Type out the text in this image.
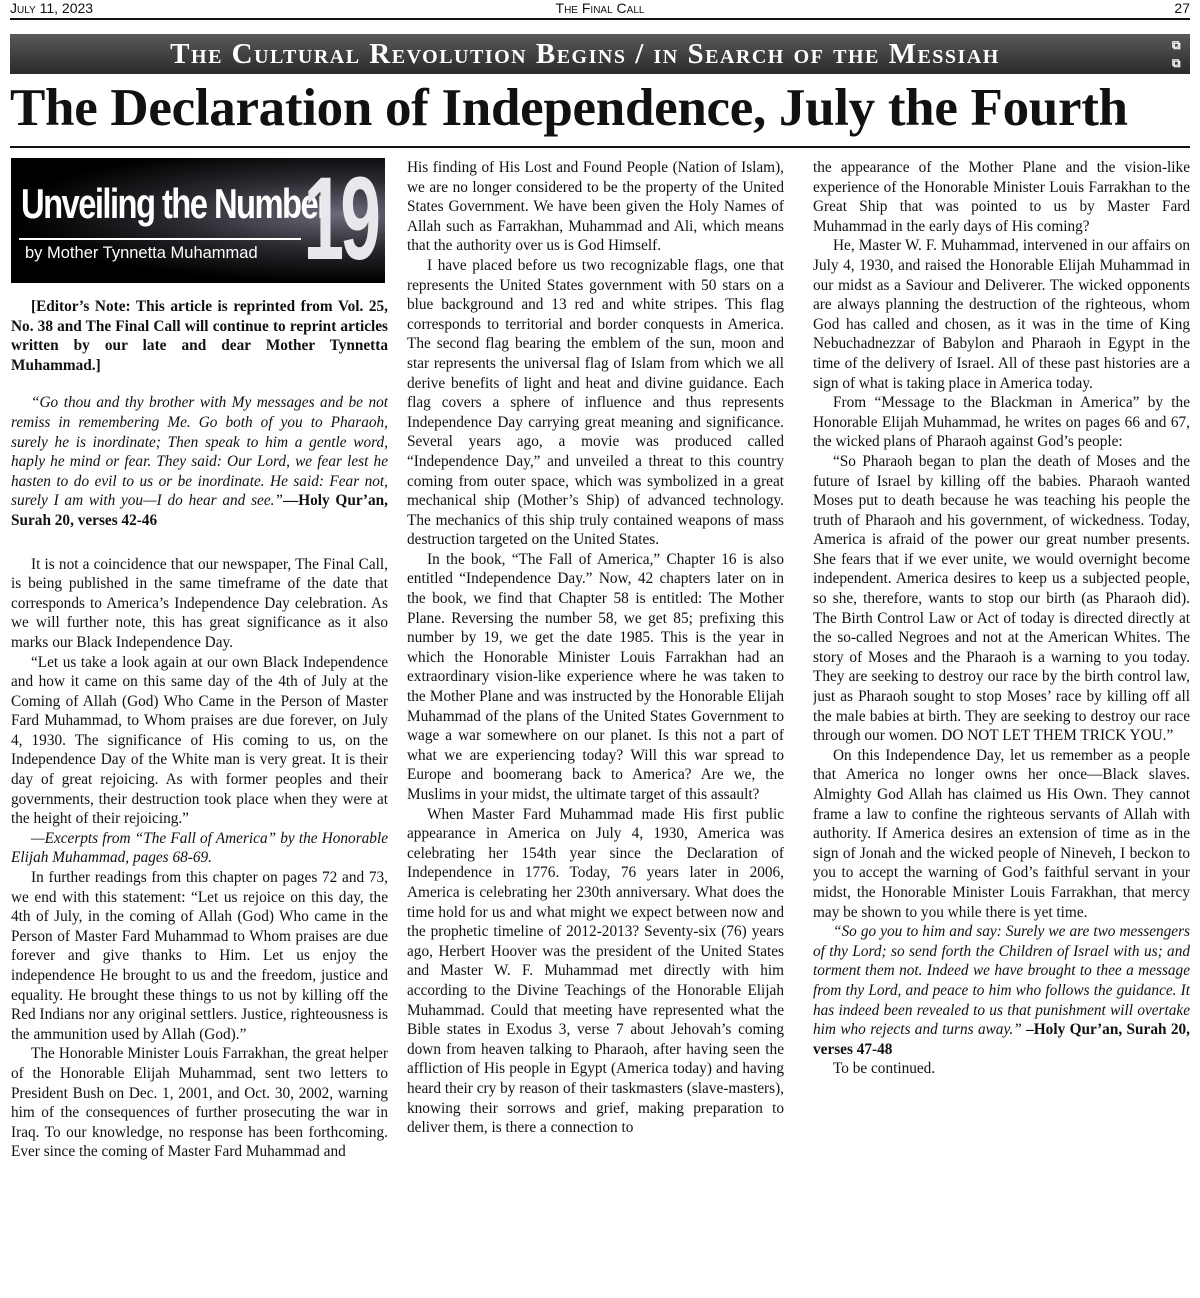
July 11, 2023	The Final Call	27
The Cultural Revolution Begins / in Search of the Messiah	⧉
⧉
The Declaration of Independence, July the Fourth
Unveiling the Number
by Mother Tynnetta Muhammad 19

[Editor’s Note: This article is reprinted from Vol. 25, No. 38 and The Final Call will continue to reprint articles written by our late and dear Mother Tynnetta Muhammad.]

“Go thou and thy brother with My messages and be not remiss in remembering Me. Go both of you to Pharaoh, surely he is inordinate; Then speak to him a gentle word, haply he mind or fear. They said: Our Lord, we fear lest he hasten to do evil to us or be inordinate. He said: Fear not, surely I am with you—I do hear and see.”—Holy Qur’an, Surah 20, verses 42-46

It is not a coincidence that our newspaper, The Final Call, is being published in the same timeframe of the date that corresponds to America’s Independence Day celebration. As we will further note, this has great significance as it also marks our Black Independence Day.

“Let us take a look again at our own Black Independence and how it came on this same day of the 4th of July at the Coming of Allah (God) Who Came in the Person of Master Fard Muhammad, to Whom praises are due forever, on July 4, 1930. The significance of His coming to us, on the Independence Day of the White man is very great. It is their day of great rejoicing. As with former peoples and their governments, their destruction took place when they were at the height of their rejoicing.”

—Excerpts from “The Fall of America” by the Honorable Elijah Muhammad, pages 68-69.

In further readings from this chapter on pages 72 and 73, we end with this statement: “Let us rejoice on this day, the 4th of July, in the coming of Allah (God) Who came in the Person of Master Fard Muhammad to Whom praises are due forever and give thanks to Him. Let us enjoy the independence He brought to us and the freedom, justice and equality. He brought these things to us not by killing off the Red Indians nor any original settlers. Justice, righteousness is the ammunition used by Allah (God).”

The Honorable Minister Louis Farrakhan, the great helper of the Honorable Elijah Muhammad, sent two letters to President Bush on Dec. 1, 2001, and Oct. 30, 2002, warning him of the consequences of further prosecuting the war in Iraq. To our knowledge, no response has been forthcoming. Ever since the coming of Master Fard Muhammad and

His finding of His Lost and Found People (Nation of Islam), we are no longer considered to be the property of the United States Government. We have been given the Holy Names of Allah such as Farrakhan, Muhammad and Ali, which means that the authority over us is God Himself.

I have placed before us two recognizable flags, one that represents the United States government with 50 stars on a blue background and 13 red and white stripes. This flag corresponds to territorial and border conquests in America. The second flag bearing the emblem of the sun, moon and star represents the universal flag of Islam from which we all derive benefits of light and heat and divine guidance. Each flag covers a sphere of influence and thus represents Independence Day carrying great meaning and significance. Several years ago, a movie was produced called “Independence Day,” and unveiled a threat to this country coming from outer space, which was symbolized in a great mechanical ship (Mother’s Ship) of advanced technology. The mechanics of this ship truly contained weapons of mass destruction targeted on the United States.

In the book, “The Fall of America,” Chapter 16 is also entitled “Independence Day.” Now, 42 chapters later on in the book, we find that Chapter 58 is entitled: The Mother Plane. Reversing the number 58, we get 85; prefixing this number by 19, we get the date 1985. This is the year in which the Honorable Minister Louis Farrakhan had an extraordinary vision-like experience where he was taken to the Mother Plane and was instructed by the Honorable Elijah Muhammad of the plans of the United States Government to wage a war somewhere on our planet. Is this not a part of what we are experiencing today? Will this war spread to Europe and boomerang back to America? Are we, the Muslims in your midst, the ultimate target of this assault?

When Master Fard Muhammad made His first public appearance in America on July 4, 1930, America was celebrating her 154th year since the Declaration of Independence in 1776. Today, 76 years later in 2006, America is celebrating her 230th anniversary. What does the time hold for us and what might we expect between now and the prophetic timeline of 2012-2013? Seventy-six (76) years ago, Herbert Hoover was the president of the United States and Master W. F. Muhammad met directly with him according to the Divine Teachings of the Honorable Elijah Muhammad. Could that meeting have represented what the Bible states in Exodus 3, verse 7 about Jehovah’s coming down from heaven talking to Pharaoh, after having seen the affliction of His people in Egypt (America today) and having heard their cry by reason of their taskmasters (slave-masters), knowing their sorrows and grief, making preparation to deliver them, is there a connection to

the appearance of the Mother Plane and the vision-like experience of the Honorable Minister Louis Farrakhan to the Great Ship that was pointed to us by Master Fard Muhammad in the early days of His coming?

He, Master W. F. Muhammad, intervened in our affairs on July 4, 1930, and raised the Honorable Elijah Muhammad in our midst as a Saviour and Deliverer. The wicked opponents are always planning the destruction of the righteous, whom God has called and chosen, as it was in the time of King Nebuchadnezzar of Babylon and Pharaoh in Egypt in the time of the delivery of Israel. All of these past histories are a sign of what is taking place in America today.

From “Message to the Blackman in America” by the Honorable Elijah Muhammad, he writes on pages 66 and 67, the wicked plans of Pharaoh against God’s people:

“So Pharaoh began to plan the death of Moses and the future of Israel by killing off the babies. Pharaoh wanted Moses put to death because he was teaching his people the truth of Pharaoh and his government, of wickedness. Today, America is afraid of the power our great number presents. She fears that if we ever unite, we would overnight become independent. America desires to keep us a subjected people, so she, therefore, wants to stop our birth (as Pharaoh did). The Birth Control Law or Act of today is directed directly at the so-called Negroes and not at the American Whites. The story of Moses and the Pharaoh is a warning to you today. They are seeking to destroy our race by the birth control law, just as Pharaoh sought to stop Moses’ race by killing off all the male babies at birth. They are seeking to destroy our race through our women. DO NOT LET THEM TRICK YOU.”

On this Independence Day, let us remember as a people that America no longer owns her once—Black slaves. Almighty God Allah has claimed us His Own. They cannot frame a law to confine the righteous servants of Allah with authority. If America desires an extension of time as in the sign of Jonah and the wicked people of Nineveh, I beckon to you to accept the warning of God’s faithful servant in your midst, the Honorable Minister Louis Farrakhan, that mercy may be shown to you while there is yet time.

“So go you to him and say: Surely we are two messengers of thy Lord; so send forth the Children of Israel with us; and torment them not. Indeed we have brought to thee a message from thy Lord, and peace to him who follows the guidance. It has indeed been revealed to us that punishment will overtake him who rejects and turns away.” –Holy Qur’an, Surah 20, verses 47-48

To be continued.
